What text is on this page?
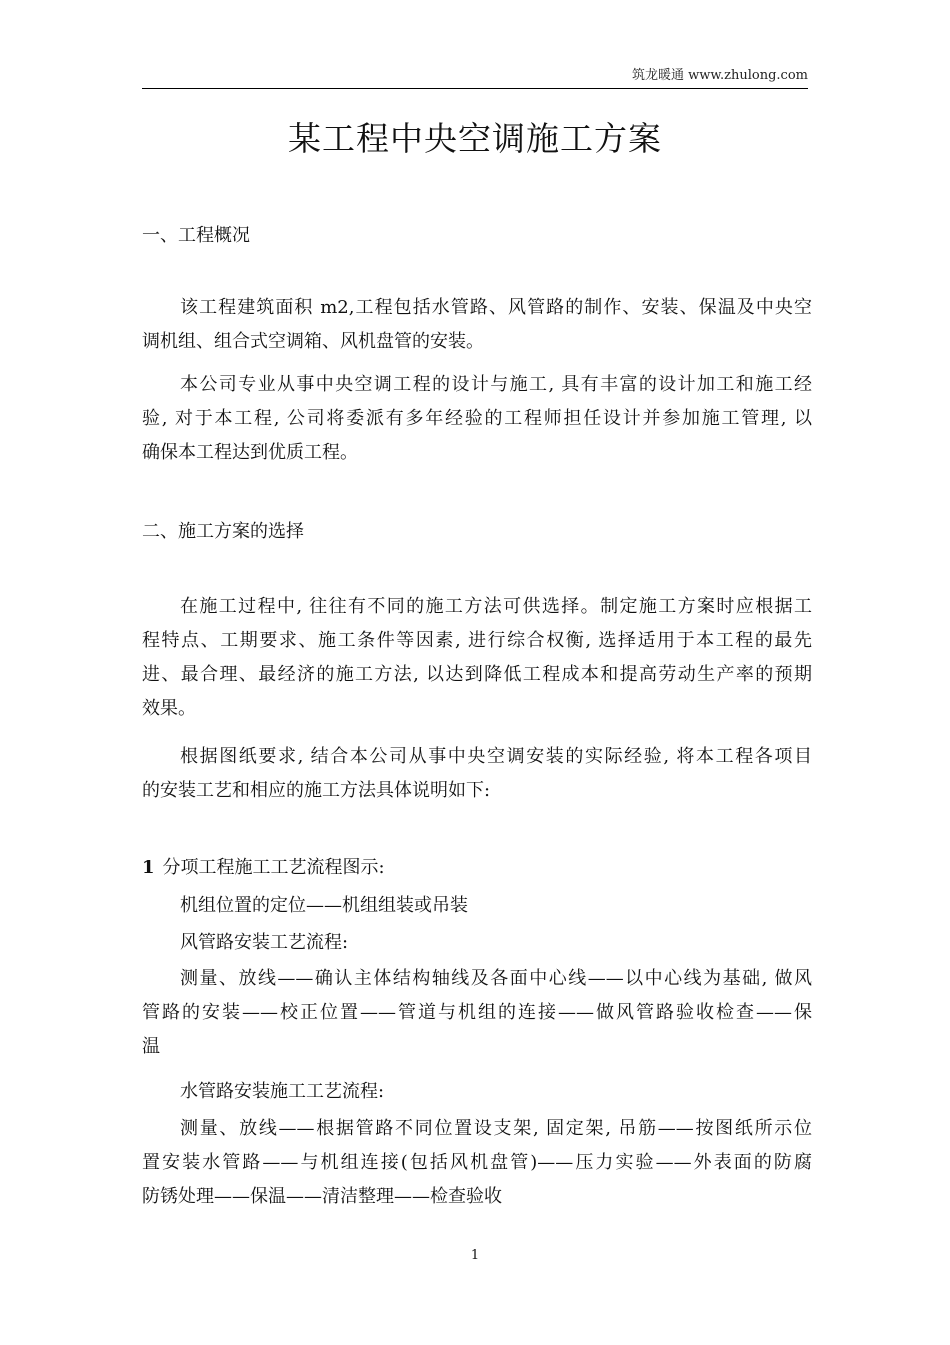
筑龙暖通 www.zhulong.com
某工程中央空调施工方案
一、工程概况
该工程建筑面积 m2,工程包括水管路、风管路的制作、安装、保温及中央空
调机组、组合式空调箱、风机盘管的安装。
本公司专业从事中央空调工程的设计与施工, 具有丰富的设计加工和施工经
验, 对于本工程, 公司将委派有多年经验的工程师担任设计并参加施工管理, 以
确保本工程达到优质工程。
二、施工方案的选择
在施工过程中, 往往有不同的施工方法可供选择。制定施工方案时应根据工
程特点、工期要求、施工条件等因素, 进行综合权衡, 选择适用于本工程的最先
进、最合理、最经济的施工方法, 以达到降低工程成本和提高劳动生产率的预期
效果。
根据图纸要求, 结合本公司从事中央空调安装的实际经验, 将本工程各项目
的安装工艺和相应的施工方法具体说明如下:
1 分项工程施工工艺流程图示:
机组位置的定位——机组组装或吊装
风管路安装工艺流程:
测量、放线——确认主体结构轴线及各面中心线——以中心线为基础, 做风
管路的安装——校正位置——管道与机组的连接——做风管路验收检查——保
温
水管路安装施工工艺流程:
测量、放线——根据管路不同位置设支架, 固定架, 吊筋——按图纸所示位
置安装水管路——与机组连接(包括风机盘管)——压力实验——外表面的防腐
防锈处理——保温——清洁整理——检查验收
1
